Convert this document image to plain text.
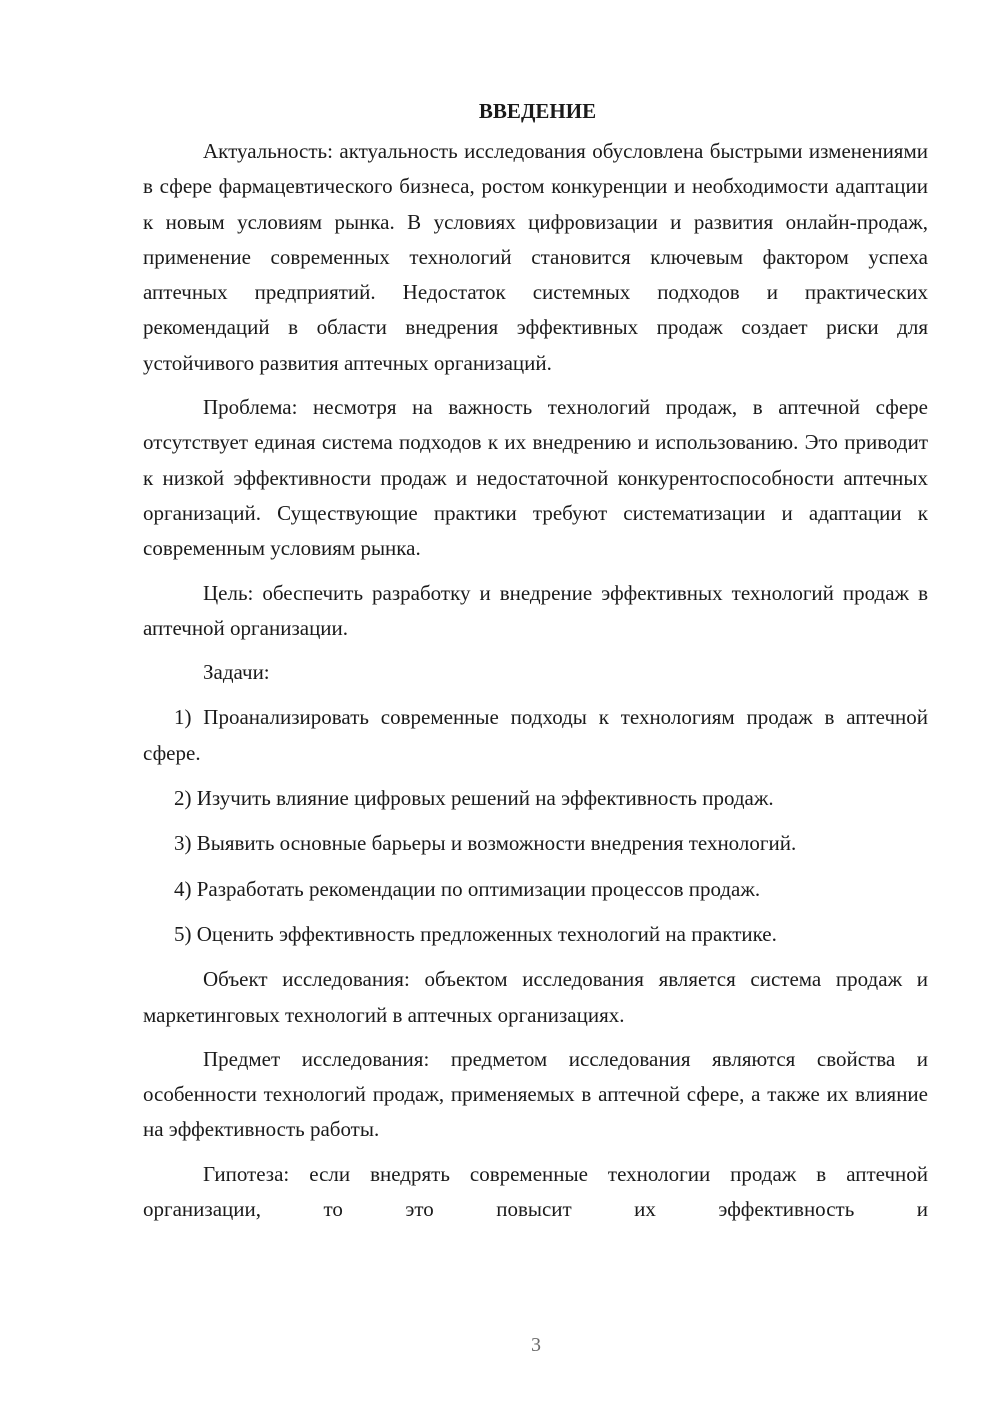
ВВЕДЕНИЕ

Актуальность: актуальность исследования обусловлена быстрыми изменениями в сфере фармацевтического бизнеса, ростом конкуренции и необходимости адаптации к новым условиям рынка. В условиях цифровизации и развития онлайн-продаж, применение современных технологий становится ключевым фактором успеха аптечных предприятий. Недостаток системных подходов и практических рекомендаций в области внедрения эффективных продаж создает риски для устойчивого развития аптечных организаций.

Проблема: несмотря на важность технологий продаж, в аптечной сфере отсутствует единая система подходов к их внедрению и использованию. Это приводит к низкой эффективности продаж и недостаточной конкурентоспособности аптечных организаций. Существующие практики требуют систематизации и адаптации к современным условиям рынка.

Цель: обеспечить разработку и внедрение эффективных технологий продаж в аптечной организации.

Задачи:

1) Проанализировать современные подходы к технологиям продаж в аптечной сфере.

2) Изучить влияние цифровых решений на эффективность продаж.

3) Выявить основные барьеры и возможности внедрения технологий.

4) Разработать рекомендации по оптимизации процессов продаж.

5) Оценить эффективность предложенных технологий на практике.

Объект исследования: объектом исследования является система продаж и маркетинговых технологий в аптечных организациях.

Предмет исследования: предметом исследования являются свойства и особенности технологий продаж, применяемых в аптечной сфере, а также их влияние на эффективность работы.

Гипотеза: если внедрять современные технологии продаж в аптечной организации, то это повысит их эффективность и

3
